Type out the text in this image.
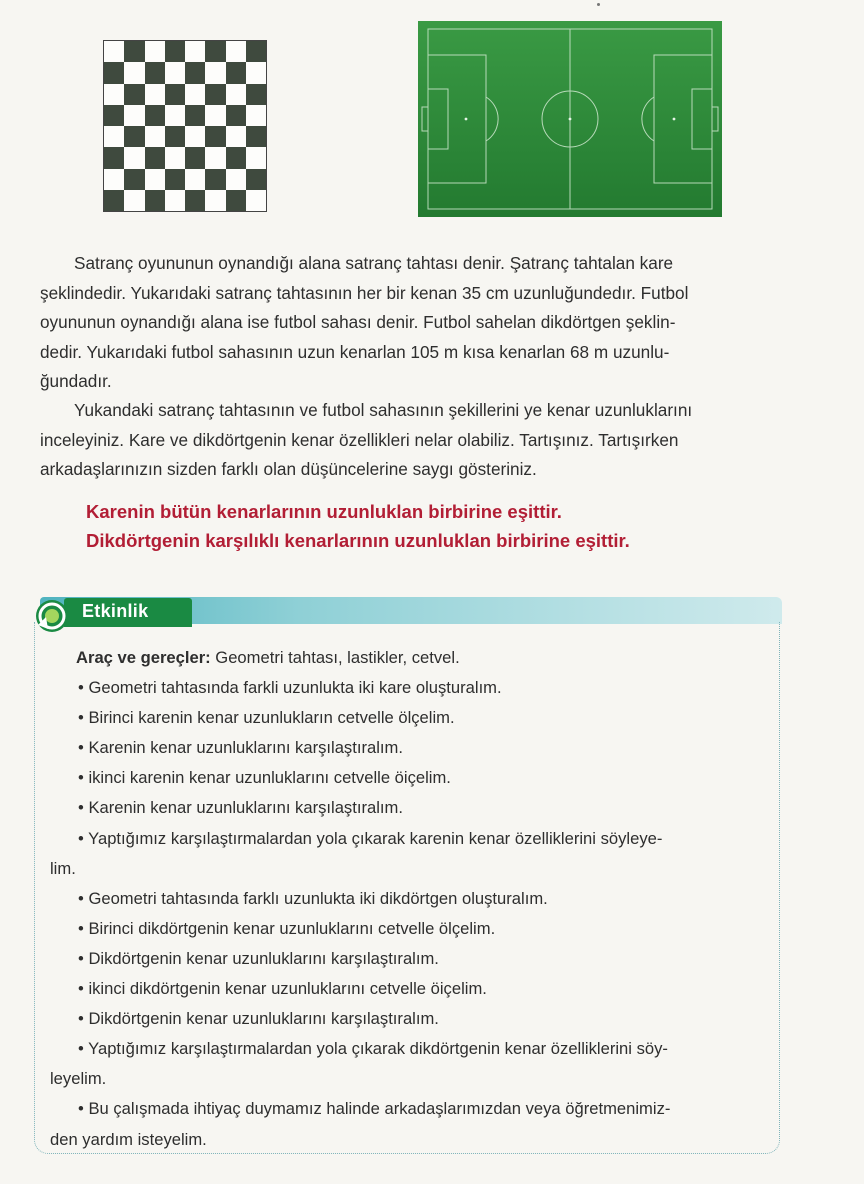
Satranç oyununun oynandığı alana satranç tahtası denir. Şatranç tahtalan kare
şeklindedir. Yukarıdaki satranç tahtasının her bir kenan 35 cm uzunluğundedır. Futbol
oyununun oynandığı alana ise futbol sahası denir. Futbol sahelan dikdörtgen şeklin-
dedir. Yukarıdaki futbol sahasının uzun kenarlan 105 m kısa kenarlan 68 m uzunlu-
ğundadır.
Yukandaki satranç tahtasının ve futbol sahasının şekillerini ye kenar uzunluklarını
inceleyiniz. Kare ve dikdörtgenin kenar özellikleri nelar olabiliz. Tartışınız. Tartışırken
arkadaşlarınızın sizden farklı olan düşüncelerine saygı gösteriniz.
Karenin bütün kenarlarının uzunluklan birbirine eşittir.
Dikdörtgenin karşılıklı kenarlarının uzunluklan birbirine eşittir.
Etkinlik
Araç ve gereçler: Geometri tahtası, lastikler, cetvel.
• Geometri tahtasında farkli uzunlukta iki kare oluşturalım.
• Birinci karenin kenar uzunlukların cetvelle ölçelim.
• Karenin kenar uzunluklarını karşılaştıralım.
• ikinci karenin kenar uzunluklarını cetvelle öiçelim.
• Karenin kenar uzunluklarını karşılaştıralım.
• Yaptığımız karşılaştırmalardan yola çıkarak karenin kenar özelliklerini söyleye-
lim.
• Geometri tahtasında farklı uzunlukta iki dikdörtgen oluşturalım.
• Birinci dikdörtgenin kenar uzunluklarını cetvelle ölçelim.
• Dikdörtgenin kenar uzunluklarını karşılaştıralım.
• ikinci dikdörtgenin kenar uzunluklarını cetvelle öiçelim.
• Dikdörtgenin kenar uzunluklarını karşılaştıralım.
• Yaptığımız karşılaştırmalardan yola çıkarak dikdörtgenin kenar özelliklerini söy-
leyelim.
• Bu çalışmada ihtiyaç duymamız halinde arkadaşlarımızdan veya öğretmenimiz-
den yardım isteyelim.
